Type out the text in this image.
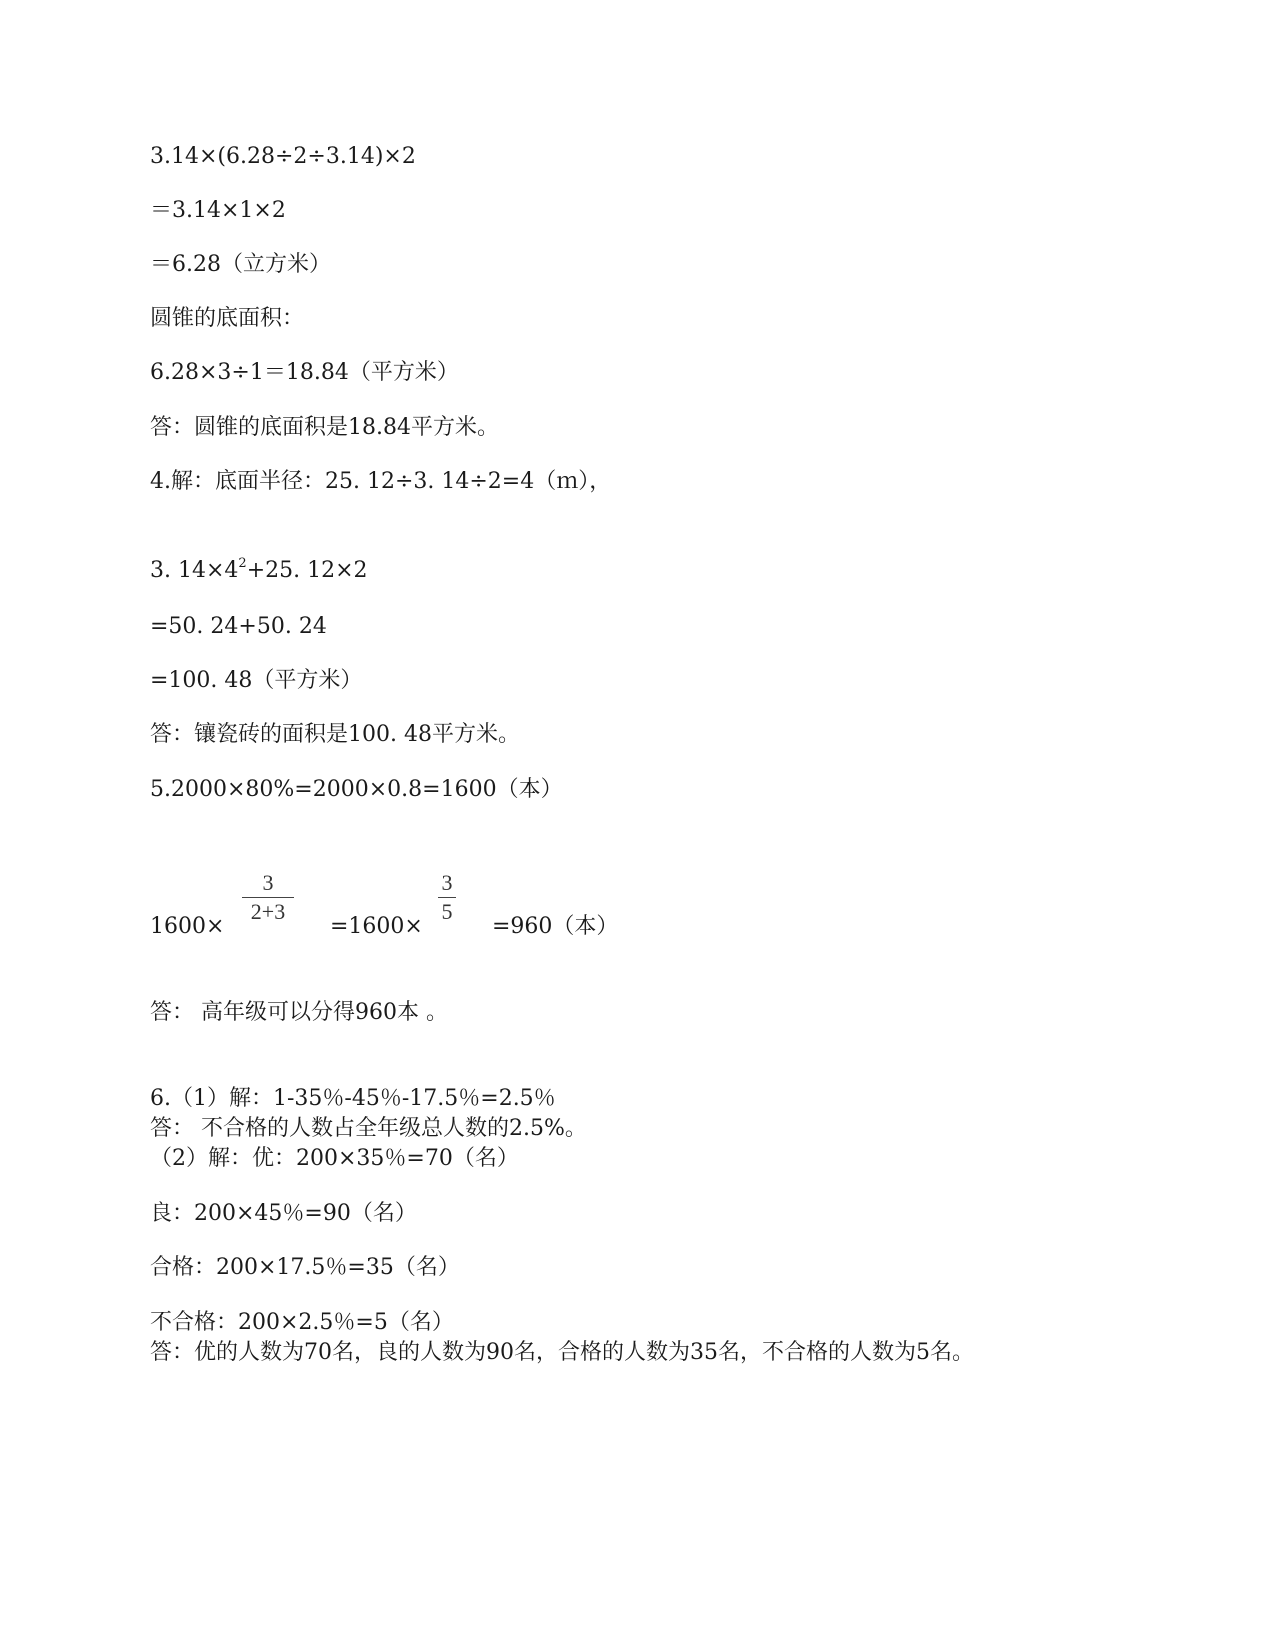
3.14×(6.28÷2÷3.14)×2
＝3.14×1×2
＝6.28（立方米）
圆锥的底面积：
6.28×3÷1＝18.84（平方米）
答：圆锥的底面积是18.84平方米。
4.解：底面半径：25. 12÷3. 14÷2=4（ｍ），
3. $14\times 4^2+25$. 12×2
=50. 24+50. 24
=100. 48（平方米）
答：镶瓷砖的面积是100. 48平方米。
5.2000×80%=2000×0.8=1600（本）
1600×
3
2+3
=1600×
3
5
=960（本）
答： 高年级可以分得960本 。
6.（1）解：1-35％-45％-17.5％=2.5％
答： 不合格的人数占全年级总人数的2.5%。
（2）解：优：200×35％=70（名）
良：200×45％=90（名）
合格：200×17.5％=35（名）
不合格：200×2.5％=5（名）
答：优的人数为70名，良的人数为90名，合格的人数为35名，不合格的人数为5名。
